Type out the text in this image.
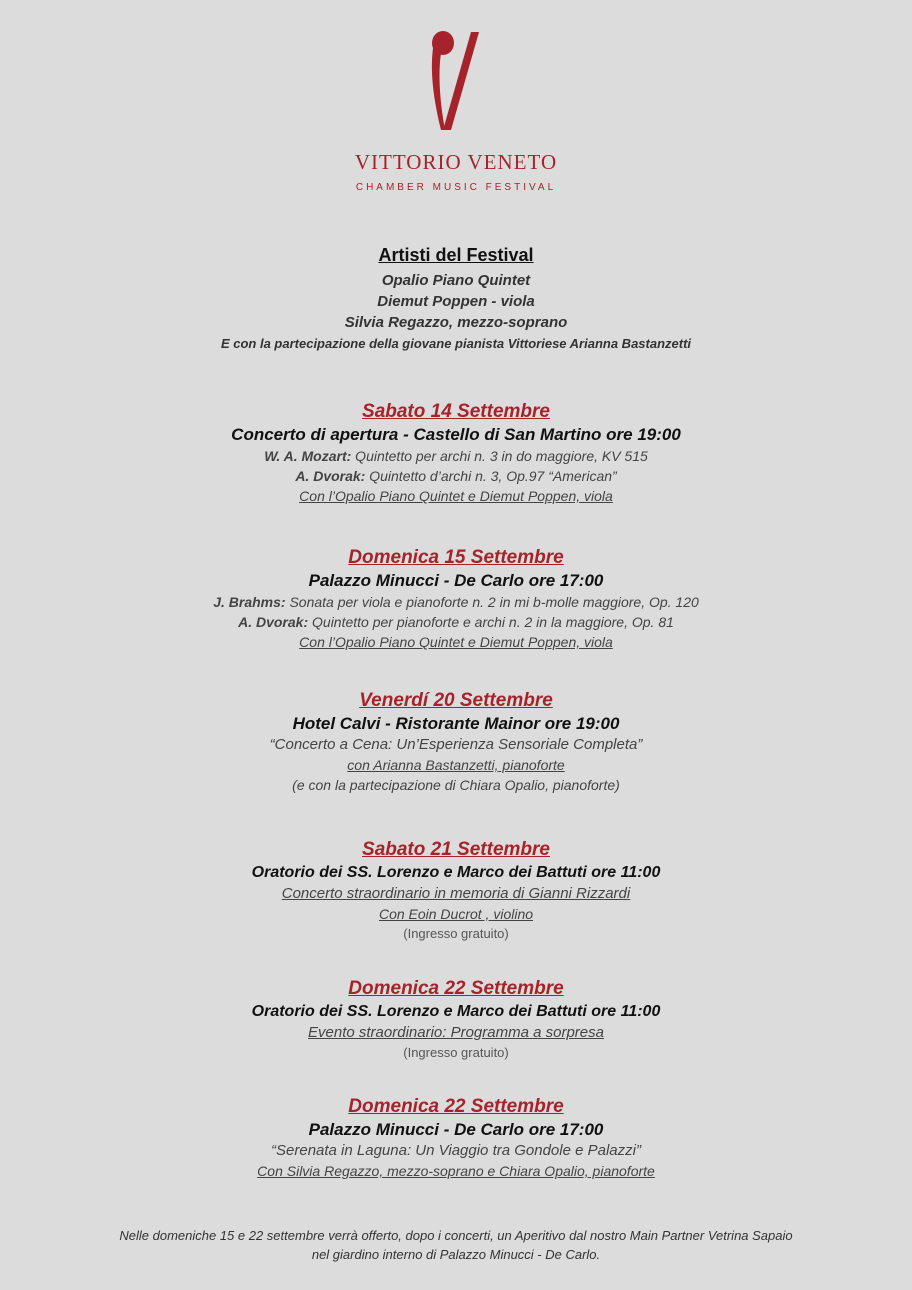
VITTORIO VENETO
CHAMBER MUSIC FESTIVAL
Artisti del Festival
Opalio Piano Quintet
Diemut Poppen - viola
Silvia Regazzo, mezzo-soprano
E con la partecipazione della giovane pianista Vittoriese Arianna Bastanzetti
Sabato 14 Settembre
Concerto di apertura - Castello di San Martino ore 19:00
W. A. Mozart: Quintetto per archi n. 3 in do maggiore, KV 515
A. Dvorak: Quintetto d’archi n. 3, Op.97 “American”
Con l’Opalio Piano Quintet e Diemut Poppen, viola
Domenica 15 Settembre
Palazzo Minucci - De Carlo ore 17:00
J. Brahms: Sonata per viola e pianoforte n. 2 in mi b-molle maggiore, Op. 120
A. Dvorak: Quintetto per pianoforte e archi n. 2 in la maggiore, Op. 81
Con l’Opalio Piano Quintet e Diemut Poppen, viola
Venerdí 20 Settembre
Hotel Calvi - Ristorante Mainor ore 19:00
“Concerto a Cena: Un’Esperienza Sensoriale Completa”
con Arianna Bastanzetti, pianoforte
(e con la partecipazione di Chiara Opalio, pianoforte)
Sabato 21 Settembre
Oratorio dei SS. Lorenzo e Marco dei Battuti ore 11:00
Concerto straordinario in memoria di Gianni Rizzardi
Con Eoin Ducrot , violino
(Ingresso gratuito)
Domenica 22 Settembre
Oratorio dei SS. Lorenzo e Marco dei Battuti ore 11:00
Evento straordinario: Programma a sorpresa
(Ingresso gratuito)
Domenica 22 Settembre
Palazzo Minucci - De Carlo ore 17:00
“Serenata in Laguna: Un Viaggio tra Gondole e Palazzi”
Con Silvia Regazzo, mezzo-soprano e Chiara Opalio, pianoforte
Nelle domeniche 15 e 22 settembre verrà offerto, dopo i concerti, un Aperitivo dal nostro Main Partner Vetrina Sapaio
nel giardino interno di Palazzo Minucci - De Carlo.
